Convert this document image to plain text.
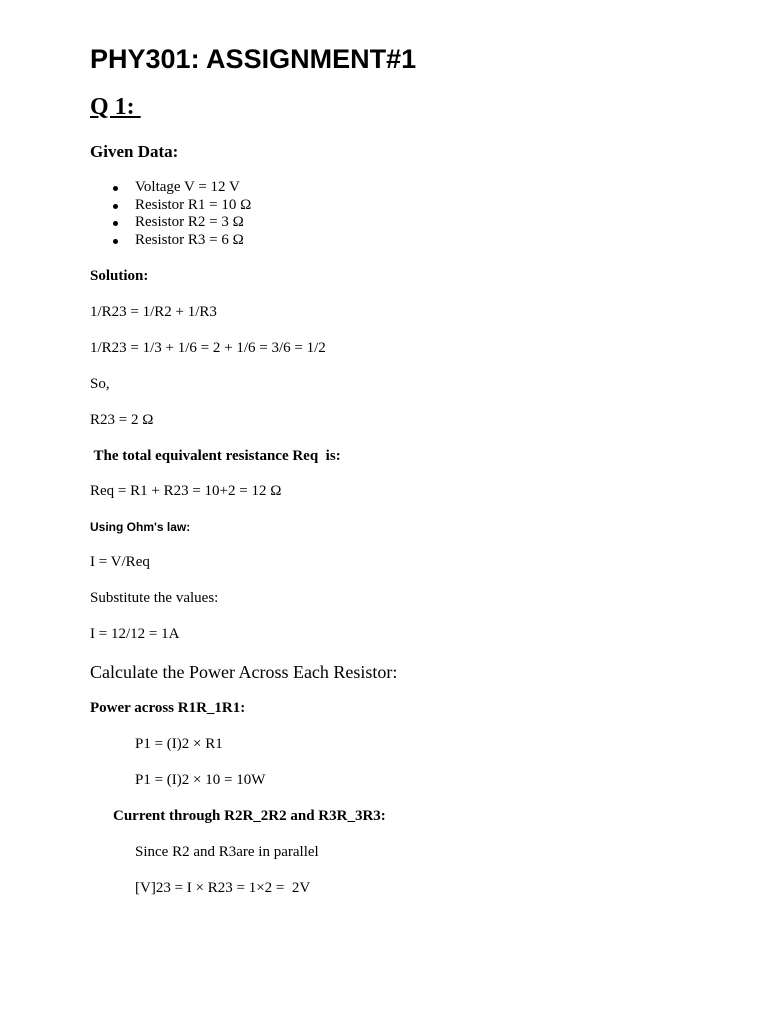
PHY301: ASSIGNMENT#1
Q 1:
Given Data:
Voltage V = 12 V
Resistor R1 = 10 Ω
Resistor R2 = 3 Ω
Resistor R3 = 6 Ω
Solution:
1/R23 = 1/R2 + 1/R3
1/R23 = 1/3 + 1/6 = 2 + 1/6 = 3/6 = 1/2
So,
R23 = 2 Ω
The total equivalent resistance Req  is:
Req = R1 + R23 = 10+2 = 12 Ω
Using Ohm's law:
I = V/Req
Substitute the values:
I = 12/12 = 1A
Calculate the Power Across Each Resistor:
Power across R1R_1R1:
P1 = (I)2 × R1
P1 = (I)2 × 10 = 10W
Current through R2R_2R2 and R3R_3R3:
Since R2 and R3are in parallel
[V]23 = I × R23 = 1×2 =  2V
